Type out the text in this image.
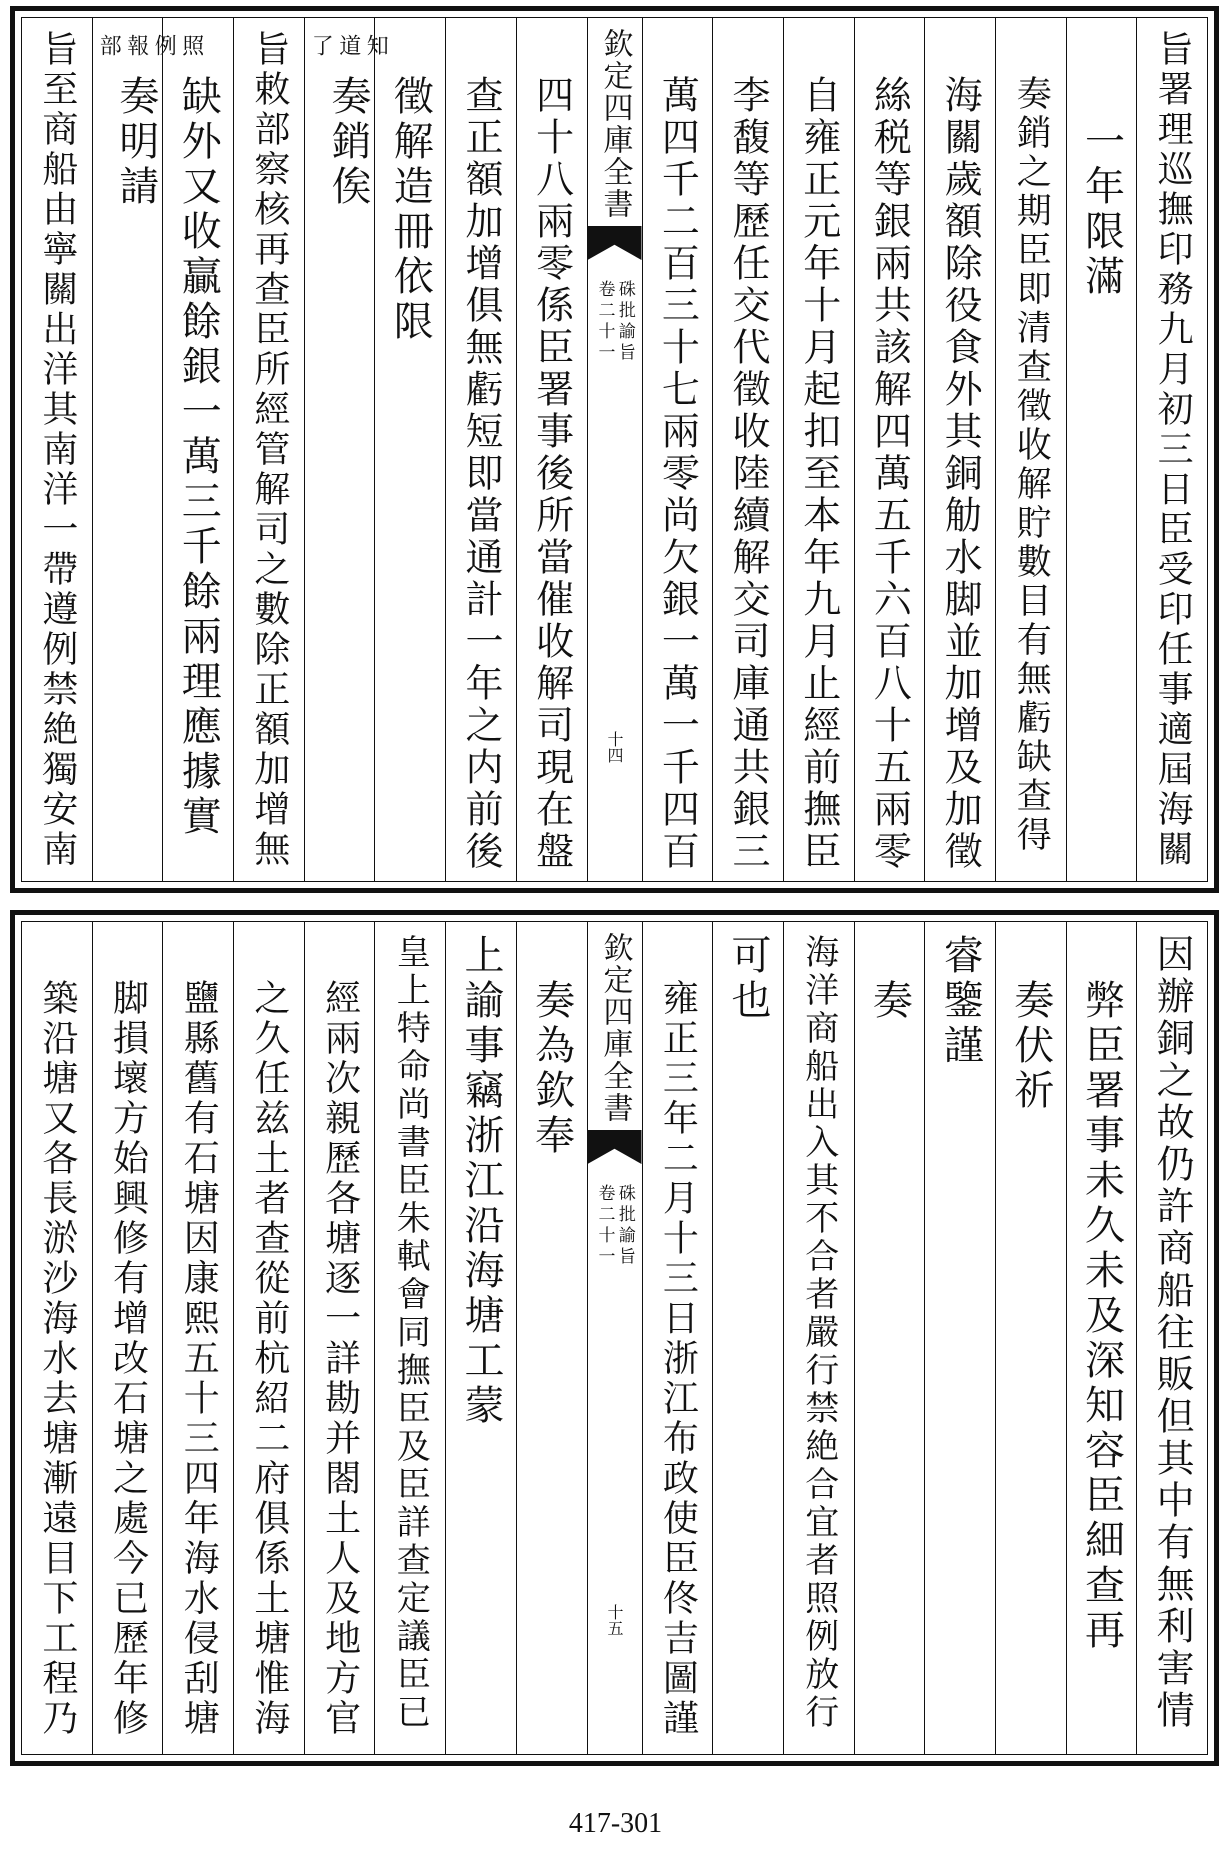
旨署理巡撫印務九月初三日臣受印任事適屆海關
一年限滿
奏銷之期臣即清查徵收解貯數目有無虧缺查得
海關歲額除役食外其銅觔水脚並加增及加徵
絲税等銀兩共該解四萬五千六百八十五兩零
自雍正元年十月起扣至本年九月止經前撫臣
李馥等歷任交代徵收陸續解交司庫通共銀三
萬四千二百三十七兩零尚欠銀一萬一千四百
欽定四庫全書
硃批諭旨
卷二十一
十四
四十八兩零係臣署事後所當催收解司現在盤
查正額加增俱無虧短即當通計一年之内前後
徵解造冊依限
奏銷俟
知
道
了
旨敕部察核再查臣所經管解司之數除正額加增無
缺外又收贏餘銀一萬三千餘兩理應據實
奏明請
照
例
報
部
旨至商船由寧關出洋其南洋一帶遵例禁絶獨安南
因辦銅之故仍許商船往販但其中有無利害情
弊臣署事未久未及深知容臣細查再
奏伏祈
睿鑒謹
奏
海洋商船出入其不合者嚴行禁絶合宜者照例放行
可也
雍正三年二月十三日浙江布政使臣佟吉圖謹
欽定四庫全書
硃批諭旨
卷二十一
十五
奏為欽奉
上諭事竊浙江沿海塘工蒙
皇上特命尚書臣朱軾會同撫臣及臣詳查定議臣已
經兩次親歷各塘逐一詳勘并閤土人及地方官
之久任兹土者查從前杭紹二府俱係土塘惟海
鹽縣舊有石塘因康熙五十三四年海水侵刮塘
脚損壞方始興修有增改石塘之處今已歷年修
築沿塘又各長淤沙海水去塘漸遠目下工程乃
417-301
